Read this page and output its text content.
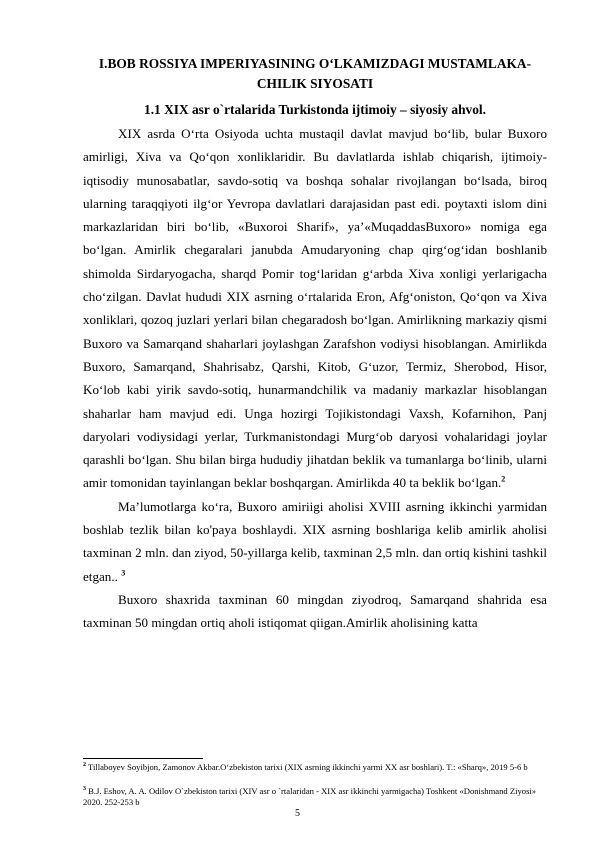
I.BOB ROSSIYA IMPERIYASINING O‘LKAMIZDAGI MUSTAMLAKA-CHILIK SIYOSATI
1.1 XIX asr o`rtalarida Turkistonda ijtimoiy – siyosiy ahvol.

XIX asrda O‘rta Osiyoda uchta mustaqil davlat mavjud bo‘lib, bular Buxoro amirligi, Xiva va Qo‘qon xonliklaridir. Bu davlatlarda ishlab chiqarish, ijtimoiy-iqtisodiy munosabatlar, savdo-sotiq va boshqa sohalar rivojlangan bo‘lsada, biroq ularning taraqqiyoti ilg‘or Yevropa davlatlari darajasidan past edi. poytaxti islom dini markazlaridan biri bo‘lib, «Buxoroi Sharif», ya’«MuqaddasBuxoro» nomiga ega bo‘lgan. Amirlik chegaralari janubda Amudaryoning chap qirg‘og‘idan boshlanib shimolda Sirdaryogacha, sharqd Pomir tog‘laridan g‘arbda Xiva xonligi yerlarigacha cho‘zilgan. Davlat hududi XIX asrning o‘rtalarida Eron, Afg‘oniston, Qo‘qon va Xiva xonliklari, qozoq juzlari yerlari bilan chegaradosh bo‘lgan. Amirlikning markaziy qismi Buxoro va Samarqand shaharlari joylashgan Zarafshon vodiysi hisoblangan. Amirlikda Buxoro, Samarqand, Shahrisabz, Qarshi, Kitob, G‘uzor, Termiz, Sherobod, Hisor, Ko‘lob kabi yirik savdo-sotiq, hunarmandchilik va madaniy markazlar hisoblangan shaharlar ham mavjud edi. Unga hozirgi Tojikistondagi Vaxsh, Kofarnihon, Panj daryolari vodiysidagi yerlar, Turkmanistondagi Murg‘ob daryosi vohalaridagi joylar qarashli bo‘lgan. Shu bilan birga hududiy jihatdan beklik va tumanlarga bo‘linib, ularni amir tomonidan tayinlangan beklar boshqargan. Amirlikda 40 ta beklik bo‘lgan.$^2$

Ma’lumotlarga ko‘ra, Buxoro amiriigi aholisi XVIII asrning ikkinchi yarmidan boshlab tezlik bilan ko'paya boshlaydi. XIX asrning boshlariga kelib amirlik aholisi taxminan 2 mln. dan ziyod, 50-yillarga kelib, taxminan 2,5 mln. dan ortiq kishini tashkil etgan.. $^3$

Buxoro shaxrida taxminan 60 mingdan ziyodroq, Samarqand shahrida esa taxminan 50 mingdan ortiq aholi istiqomat qiigan.Amirlik aholisining katta

$^2$ Tillaboyev Soyibjon, Zamonov Akbar.O‘zbekiston tarixi (XIX asrning ikkinchi yarmi XX asr boshlari). T.: «Sharq», 2019 5-6 b

$^3$ B.J. Eshov, A. A. Odilov O`zbekiston tarixi (XIV asr o `rtalaridan - XIX asr ikkinchi yarmigacha) Toshkent «Donishmand Ziyosi» 2020. 252-253 b

5
